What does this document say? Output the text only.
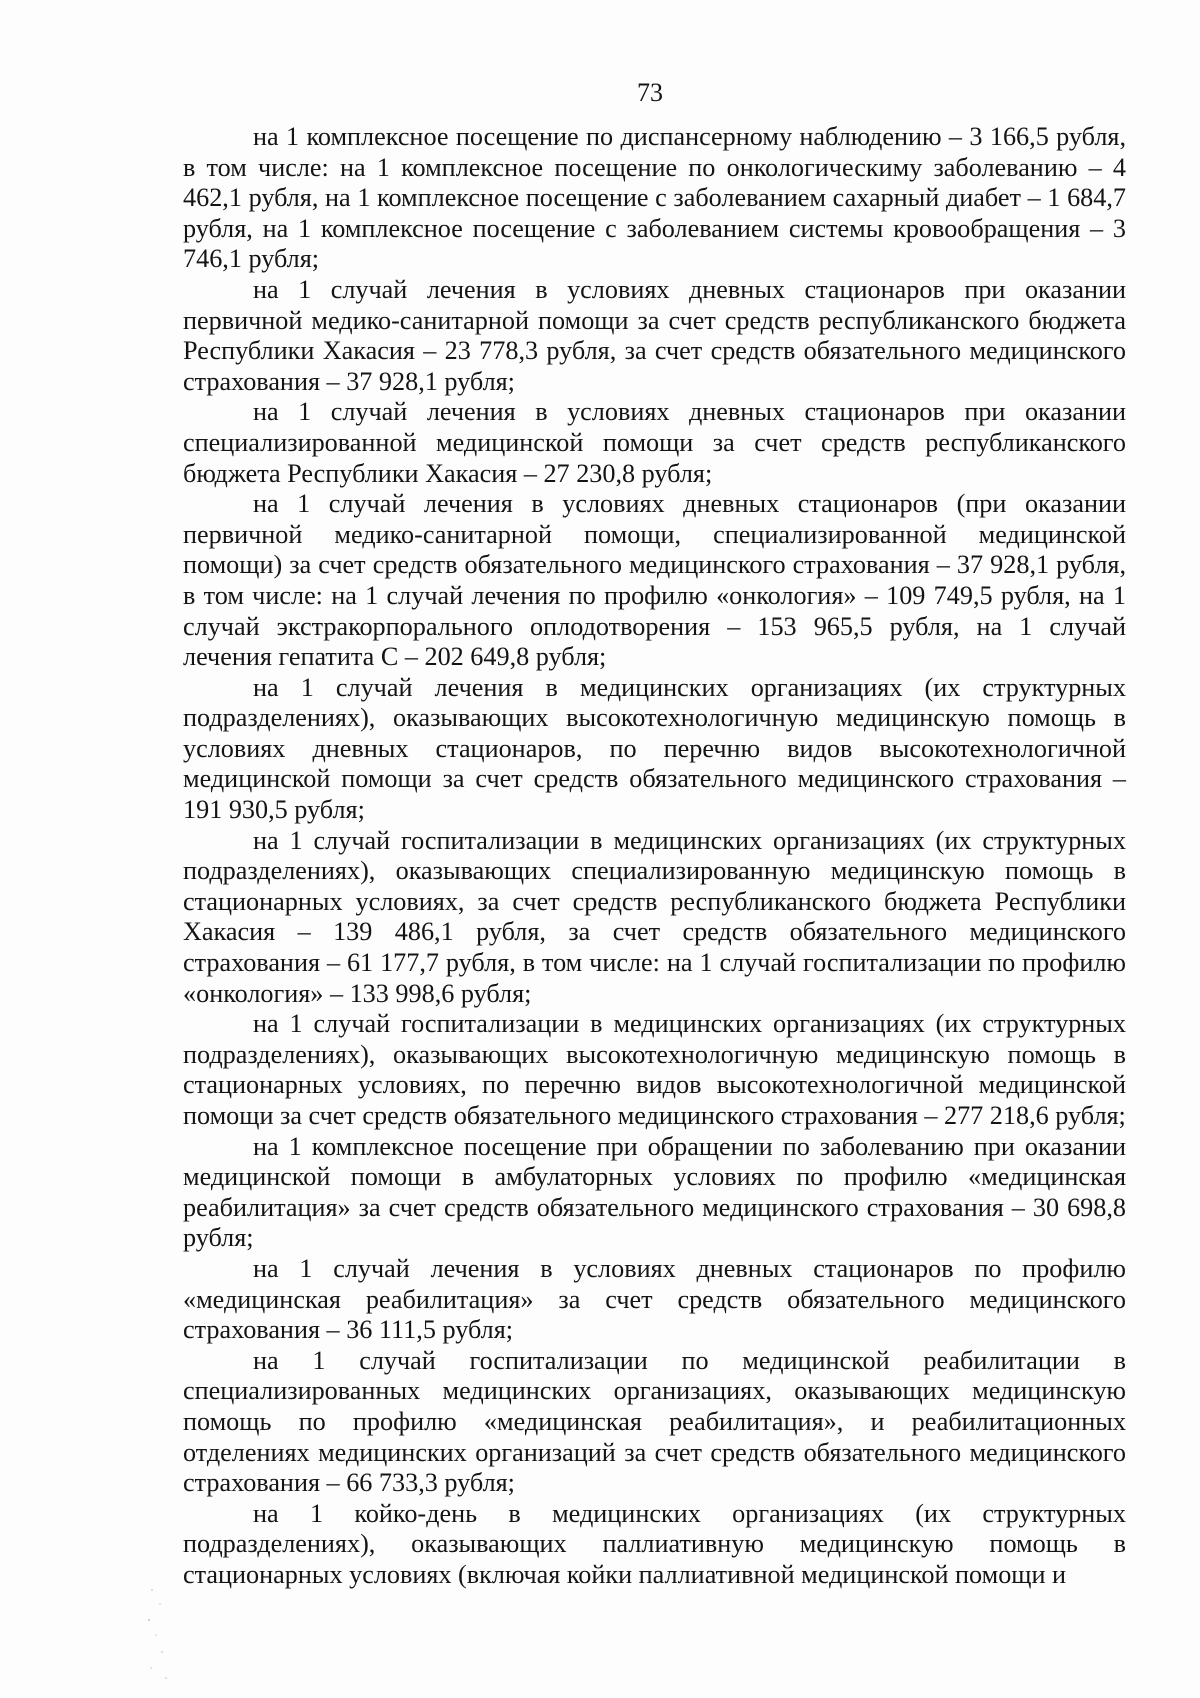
73

на 1 комплексное посещение по диспансерному наблюдению – 3 166,5 рубля, в том числе: на 1 комплексное посещение по онкологическиму заболеванию – 4 462,1 рубля, на 1 комплексное посещение с заболеванием сахарный диабет – 1 684,7 рубля, на 1 комплексное посещение с заболеванием системы кровообращения – 3 746,1 рубля;

на 1 случай лечения в условиях дневных стационаров при оказании первичной медико-санитарной помощи за счет средств республиканского бюджета Республики Хакасия – 23 778,3 рубля, за счет средств обязательного медицинского страхования – 37 928,1 рубля;

на 1 случай лечения в условиях дневных стационаров при оказании специализированной медицинской помощи за счет средств республиканского бюджета Республики Хакасия – 27 230,8 рубля;

на 1 случай лечения в условиях дневных стационаров (при оказании первичной медико-санитарной помощи, специализированной медицинской помощи) за счет средств обязательного медицинского страхования – 37 928,1 рубля, в том числе: на 1 случай лечения по профилю «онкология» – 109 749,5 рубля, на 1 случай экстракорпорального оплодотворения – 153 965,5 рубля, на 1 случай лечения гепатита С – 202 649,8 рубля;

на 1 случай лечения в медицинских организациях (их структурных подразделениях), оказывающих высокотехнологичную медицинскую помощь в условиях дневных стационаров, по перечню видов высокотехнологичной медицинской помощи за счет средств обязательного медицинского страхования – 191 930,5 рубля;

на 1 случай госпитализации в медицинских организациях (их структурных подразделениях), оказывающих специализированную медицинскую помощь в стационарных условиях, за счет средств республиканского бюджета Республики Хакасия – 139 486,1 рубля, за счет средств обязательного медицинского страхования – 61 177,7 рубля, в том числе: на 1 случай госпитализации по профилю «онкология» – 133 998,6 рубля;

на 1 случай госпитализации в медицинских организациях (их структурных подразделениях), оказывающих высокотехнологичную медицинскую помощь в стационарных условиях, по перечню видов высокотехнологичной медицинской помощи за счет средств обязательного медицинского страхования – 277 218,6 рубля;

на 1 комплексное посещение при обращении по заболеванию при оказании медицинской помощи в амбулаторных условиях по профилю «медицинская реабилитация» за счет средств обязательного медицинского страхования – 30 698,8 рубля;

на 1 случай лечения в условиях дневных стационаров по профилю «медицинская реабилитация» за счет средств обязательного медицинского страхования – 36 111,5 рубля;

на 1 случай госпитализации по медицинской реабилитации в специализированных медицинских организациях, оказывающих медицинскую помощь по профилю «медицинская реабилитация», и реабилитационных отделениях медицинских организаций за счет средств обязательного медицинского страхования – 66 733,3 рубля;

на 1 койко-день в медицинских организациях (их структурных подразделениях), оказывающих паллиативную медицинскую помощь в стационарных условиях (включая койки паллиативной медицинской помощи и
